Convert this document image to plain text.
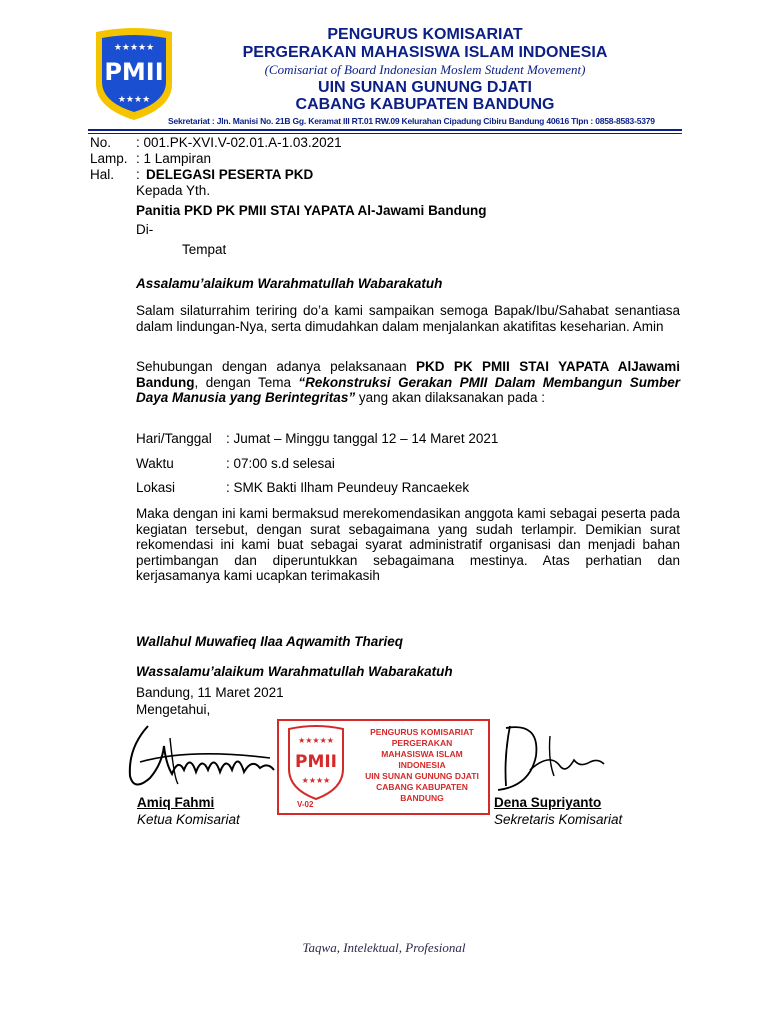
★★★★★
PMII
★★★★
PENGURUS KOMISARIAT
PERGERAKAN MAHASISWA ISLAM INDONESIA
(Comisariat of Board Indonesian Moslem Student Movement)
UIN SUNAN GUNUNG DJATI
CABANG KABUPATEN BANDUNG
Sekretariat : Jln. Manisi No. 21B Gg. Keramat III RT.01 RW.09 Kelurahan Cipadung Cibiru Bandung 40616 Tlpn : 0858-8583-5379
No. : 001.PK-XVI.V-02.01.A-1.03.2021
Lamp. : 1 Lampiran
Hal. : DELEGASI PESERTA PKD
Kepada Yth.
Panitia PKD PK PMII STAI YAPATA Al-Jawami Bandung
Di-
Tempat
Assalamu’alaikum Warahmatullah Wabarakatuh
Salam silaturrahim teriring do’a kami sampaikan semoga Bapak/Ibu/Sahabat senantiasa dalam lindungan-Nya, serta dimudahkan dalam menjalankan akatifitas keseharian. Amin
Sehubungan dengan adanya pelaksanaan PKD PK PMII STAI YAPATA AlJawami Bandung, dengan Tema “Rekonstruksi Gerakan PMII Dalam Membangun Sumber Daya Manusia yang Berintegritas” yang akan dilaksanakan pada :
Hari/Tanggal : Jumat – Minggu tanggal 12 – 14 Maret 2021
Waktu	: 07:00 s.d selesai
Lokasi	: SMK Bakti Ilham Peundeuy Rancaekek
Maka dengan ini kami bermaksud merekomendasikan anggota kami sebagai peserta pada kegiatan tersebut, dengan surat sebagaimana yang sudah terlampir. Demikian surat rekomendasi ini kami buat sebagai syarat administratif organisasi dan menjadi bahan pertimbangan dan diperuntukkan sebagaimana mestinya. Atas perhatian dan kerjasamanya kami ucapkan terimakasih
Wallahul Muwafieq Ilaa Aqwamith Tharieq
Wassalamu’alaikum Warahmatullah Wabarakatuh
Bandung, 11 Maret 2021
Mengetahui,
★★★★★
PMII
★★★★
V-02
PENGURUS KOMISARIAT
PERGERAKAN
MAHASISWA ISLAM
INDONESIA
UIN SUNAN GUNUNG DJATI
CABANG KABUPATEN
BANDUNG
Amiq Fahmi
Ketua Komisariat
Dena Supriyanto
Sekretaris Komisariat
Taqwa, Intelektual, Profesional
